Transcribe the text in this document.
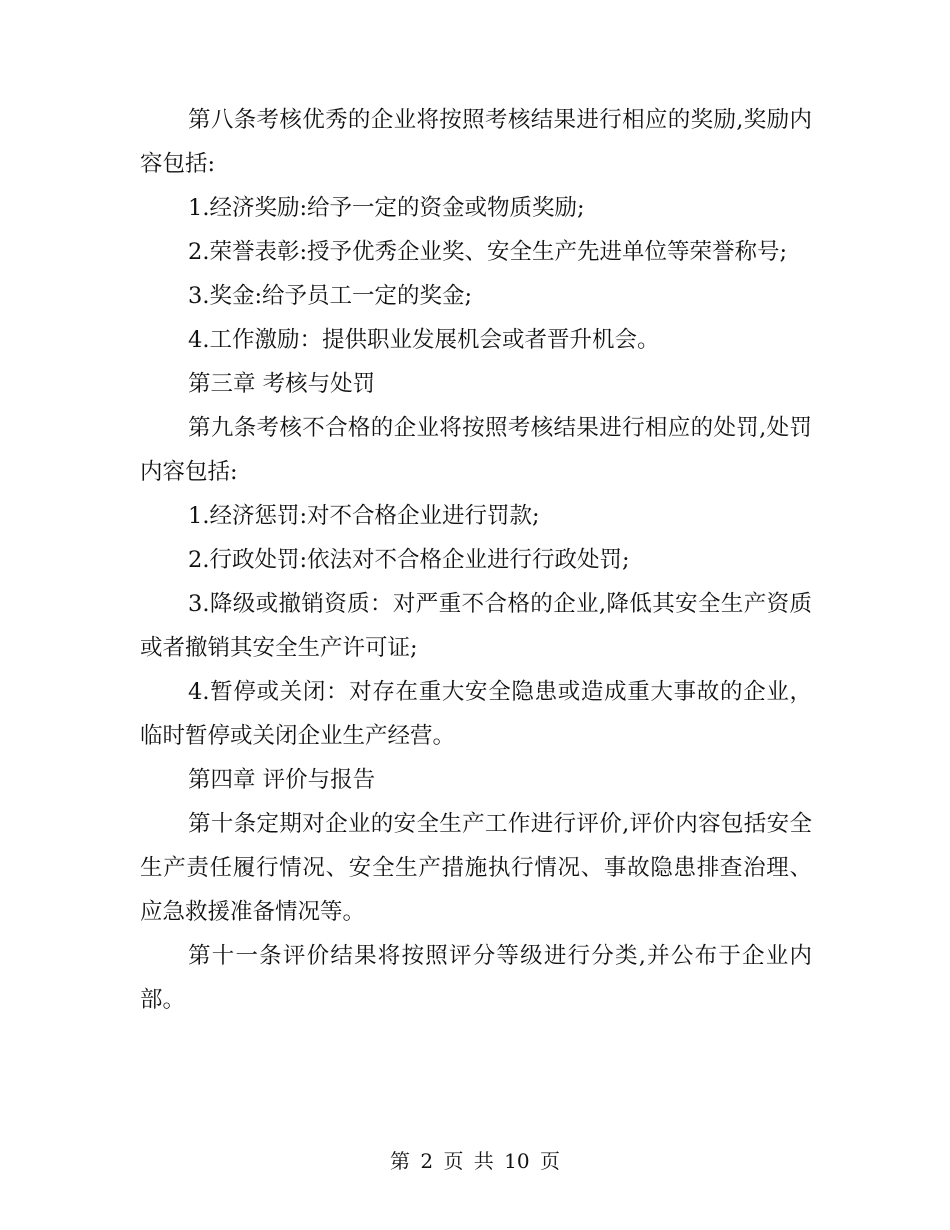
第八条考核优秀的企业将按照考核结果进行相应的奖励,奖励内容包括:

1.经济奖励:给予一定的资金或物质奖励;

2.荣誉表彰:授予优秀企业奖、安全生产先进单位等荣誉称号;

3.奖金:给予员工一定的奖金;

4.工作激励：提供职业发展机会或者晋升机会。

第三章 考核与处罚

第九条考核不合格的企业将按照考核结果进行相应的处罚,处罚内容包括:

1.经济惩罚:对不合格企业进行罚款;

2.行政处罚:依法对不合格企业进行行政处罚;

3.降级或撤销资质：对严重不合格的企业,降低其安全生产资质或者撤销其安全生产许可证;

4.暂停或关闭：对存在重大安全隐患或造成重大事故的企业，临时暂停或关闭企业生产经营。

第四章 评价与报告

第十条定期对企业的安全生产工作进行评价,评价内容包括安全生产责任履行情况、安全生产措施执行情况、事故隐患排查治理、应急救援准备情况等。

第十一条评价结果将按照评分等级进行分类,并公布于企业内部。

第 2 页 共 10 页
